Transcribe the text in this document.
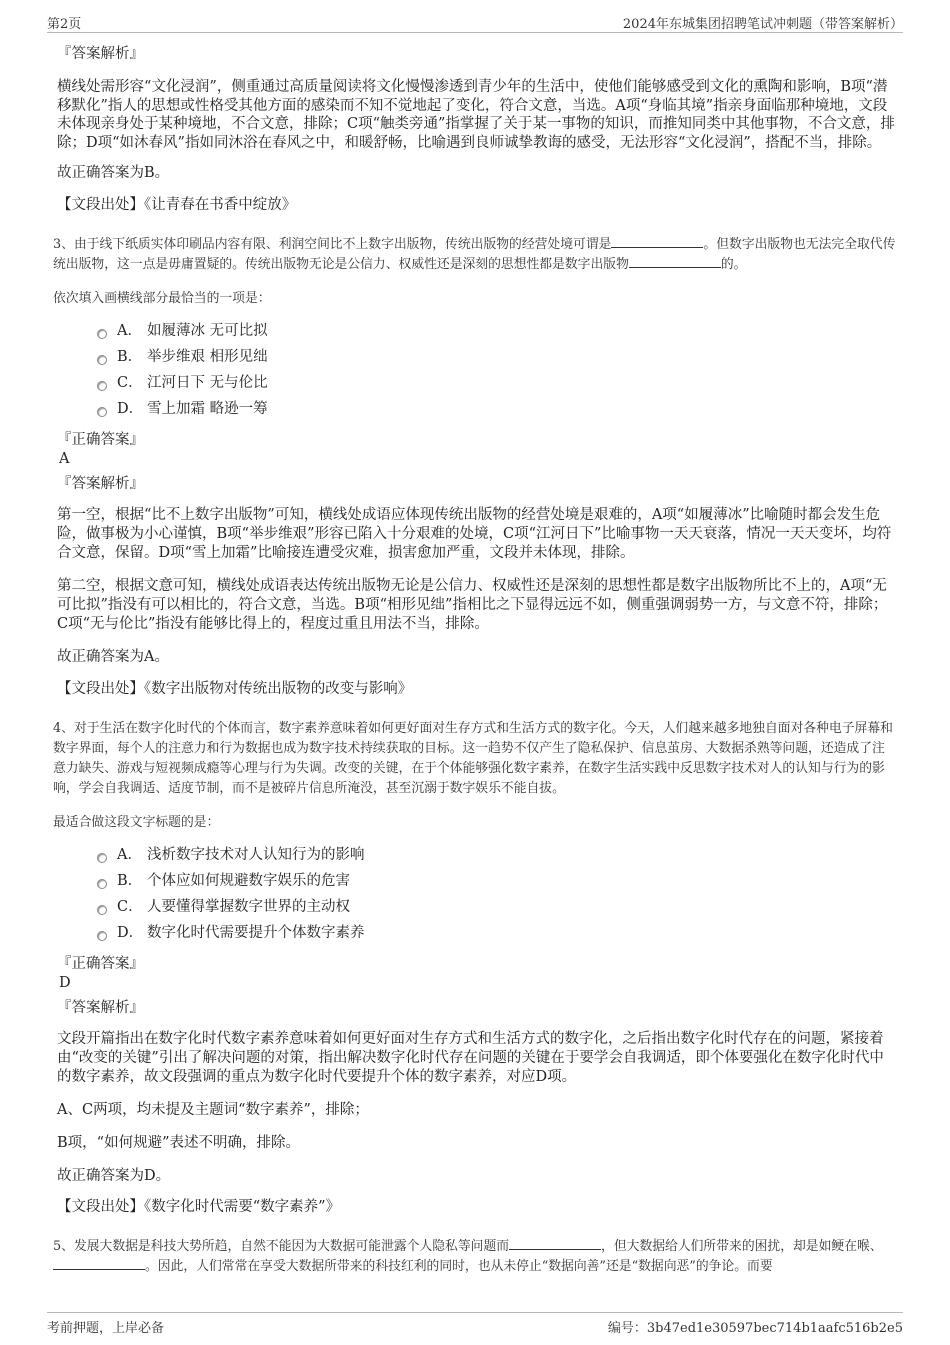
第2页	2024年东城集团招聘笔试冲刺题（带答案解析）
『答案解析』
横线处需形容“文化浸润”，侧重通过高质量阅读将文化慢慢渗透到青少年的生活中，使他们能够感受到文化的熏陶和影响，B项“潜移默化”指人的思想或性格受其他方面的感染而不知不觉地起了变化，符合文意，当选。A项“身临其境”指亲身面临那种境地，文段未体现亲身处于某种境地，不合文意，排除；C项“触类旁通”指掌握了关于某一事物的知识，而推知同类中其他事物，不合文意，排除；D项“如沐春风”指如同沐浴在春风之中，和暖舒畅，比喻遇到良师诚挚教诲的感受，无法形容“文化浸润”，搭配不当，排除。
故正确答案为B。
【文段出处】《让青春在书香中绽放》
3、由于线下纸质实体印刷品内容有限、利润空间比不上数字出版物，传统出版物的经营处境可谓是	。但数字出版物也无法完全取代传统出版物，这一点是毋庸置疑的。传统出版物无论是公信力、权威性还是深刻的思想性都是数字出版物	的。
依次填入画横线部分最恰当的一项是：
A． 如履薄冰 无可比拟
B． 举步维艰 相形见绌
C． 江河日下 无与伦比
D． 雪上加霜 略逊一筹
『正确答案』
A
『答案解析』
第一空，根据“比不上数字出版物”可知，横线处成语应体现传统出版物的经营处境是艰难的，A项“如履薄冰”比喻随时都会发生危险，做事极为小心谨慎，B项“举步维艰”形容已陷入十分艰难的处境，C项“江河日下”比喻事物一天天衰落，情况一天天变坏，均符合文意，保留。D项“雪上加霜”比喻接连遭受灾难，损害愈加严重，文段并未体现，排除。
第二空，根据文意可知，横线处成语表达传统出版物无论是公信力、权威性还是深刻的思想性都是数字出版物所比不上的，A项“无可比拟”指没有可以相比的，符合文意，当选。B项“相形见绌”指相比之下显得远远不如，侧重强调弱势一方，与文意不符，排除；C项“无与伦比”指没有能够比得上的，程度过重且用法不当，排除。
故正确答案为A。
【文段出处】《数字出版物对传统出版物的改变与影响》
4、对于生活在数字化时代的个体而言，数字素养意味着如何更好面对生存方式和生活方式的数字化。今天，人们越来越多地独自面对各种电子屏幕和数字界面，每个人的注意力和行为数据也成为数字技术持续获取的目标。这一趋势不仅产生了隐私保护、信息茧房、大数据杀熟等问题，还造成了注意力缺失、游戏与短视频成瘾等心理与行为失调。改变的关键，在于个体能够强化数字素养，在数字生活实践中反思数字技术对人的认知与行为的影响，学会自我调适、适度节制，而不是被碎片信息所淹没，甚至沉溺于数字娱乐不能自拔。
最适合做这段文字标题的是：
A． 浅析数字技术对人认知行为的影响
B． 个体应如何规避数字娱乐的危害
C． 人要懂得掌握数字世界的主动权
D． 数字化时代需要提升个体数字素养
『正确答案』
D
『答案解析』
文段开篇指出在数字化时代数字素养意味着如何更好面对生存方式和生活方式的数字化，之后指出数字化时代存在的问题，紧接着由“改变的关键”引出了解决问题的对策，指出解决数字化时代存在问题的关键在于要学会自我调适，即个体要强化在数字化时代中的数字素养，故文段强调的重点为数字化时代要提升个体的数字素养，对应D项。
A、C两项，均未提及主题词“数字素养”，排除；
B项，“如何规避”表述不明确，排除。
故正确答案为D。
【文段出处】《数字化时代需要“数字素养”》
5、发展大数据是科技大势所趋，自然不能因为大数据可能泄露个人隐私等问题而	，但大数据给人们所带来的困扰，却是如鲠在喉、。因此，人们常常在享受大数据所带来的科技红利的同时，也从未停止“数据向善”还是“数据向恶”的争论。而要
考前押题，上岸必备	编号：3b47ed1e30597bec714b1aafc516b2e5
